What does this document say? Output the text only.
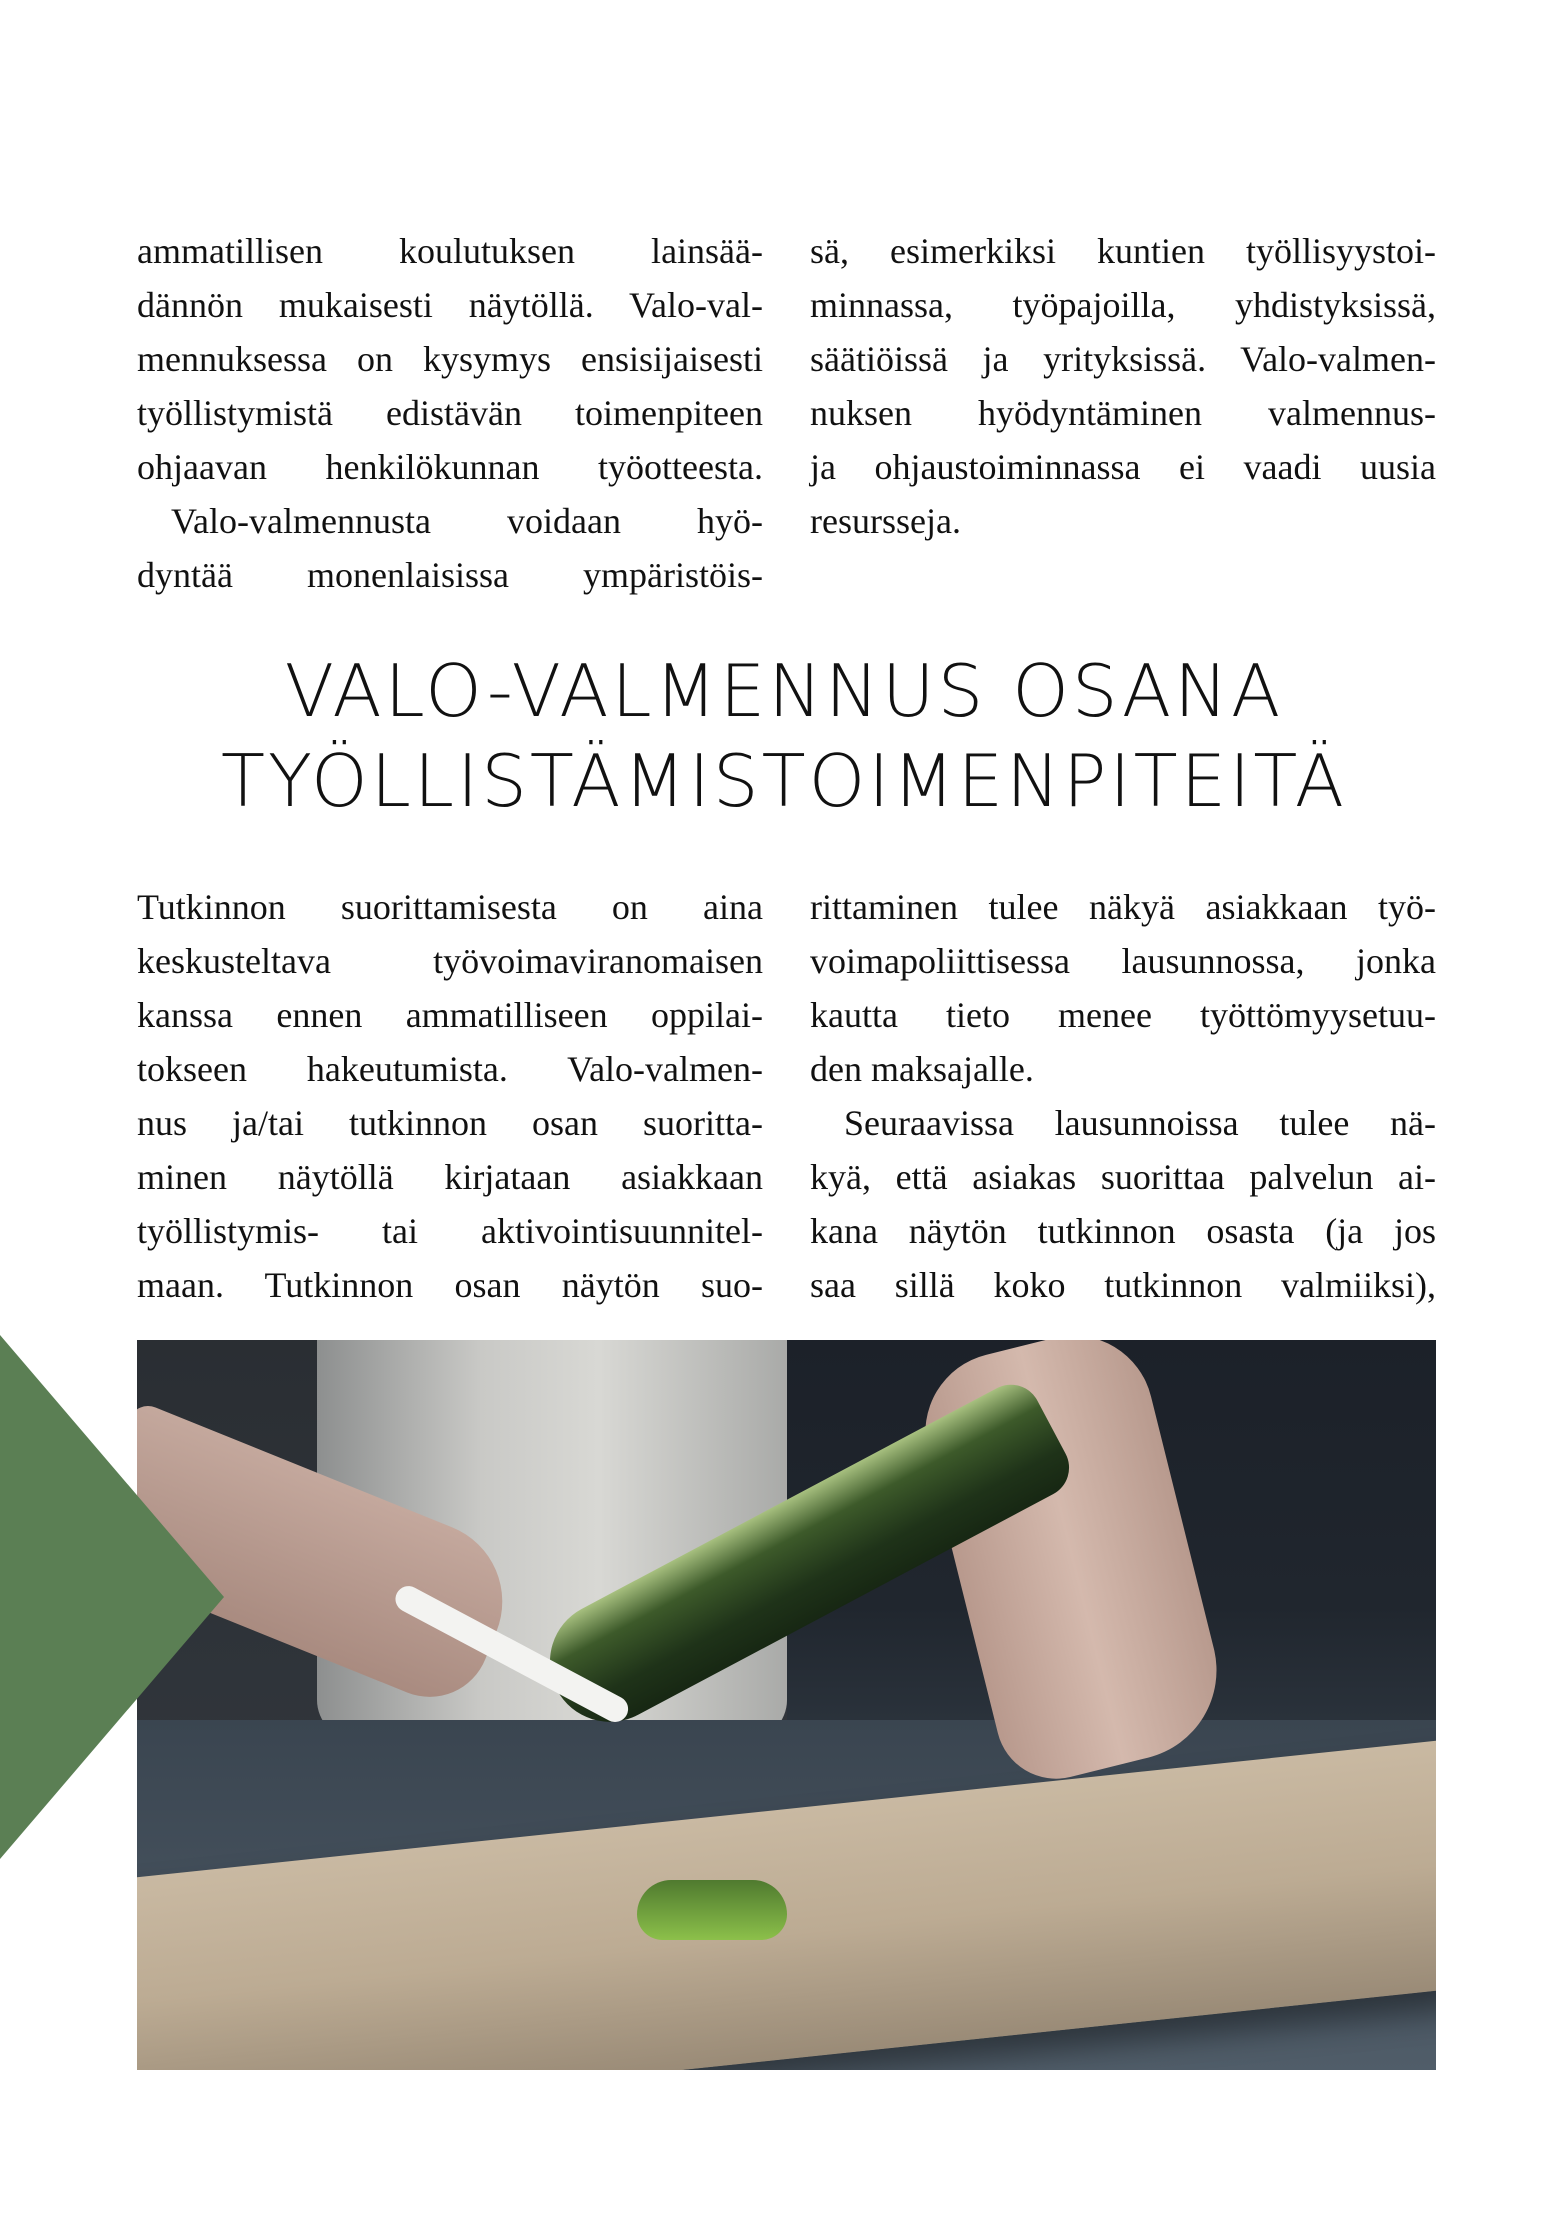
ammatillisen koulutuksen lainsää-
dännön mukaisesti näytöllä. Valo-val-
mennuksessa on kysymys ensisijaisesti
työllistymistä edistävän toimenpiteen
ohjaavan henkilökunnan työotteesta.
Valo-valmennusta voidaan hyö-
dyntää monenlaisissa ympäristöis-
sä, esimerkiksi kuntien työllisyystoi-
minnassa, työpajoilla, yhdistyksissä,
säätiöissä ja yrityksissä. Valo-valmen-
nuksen hyödyntäminen valmennus-
ja ohjaustoiminnassa ei vaadi uusia
resursseja.
VALO-VALMENNUS OSANA
TYÖLLISTÄMISTOIMENPITEITÄ
Tutkinnon suorittamisesta on aina
keskusteltava työvoimaviranomaisen
kanssa ennen ammatilliseen oppilai-
tokseen hakeutumista. Valo-valmen-
nus ja/tai tutkinnon osan suoritta-
minen näytöllä kirjataan asiakkaan
työllistymis- tai aktivointisuunnitel-
maan. Tutkinnon osan näytön suo-
rittaminen tulee näkyä asiakkaan työ-
voimapoliittisessa lausunnossa, jonka
kautta tieto menee työttömyysetuu-
den maksajalle.
Seuraavissa lausunnoissa tulee nä-
kyä, että asiakas suorittaa palvelun ai-
kana näytön tutkinnon osasta (ja jos
saa sillä koko tutkinnon valmiiksi),
